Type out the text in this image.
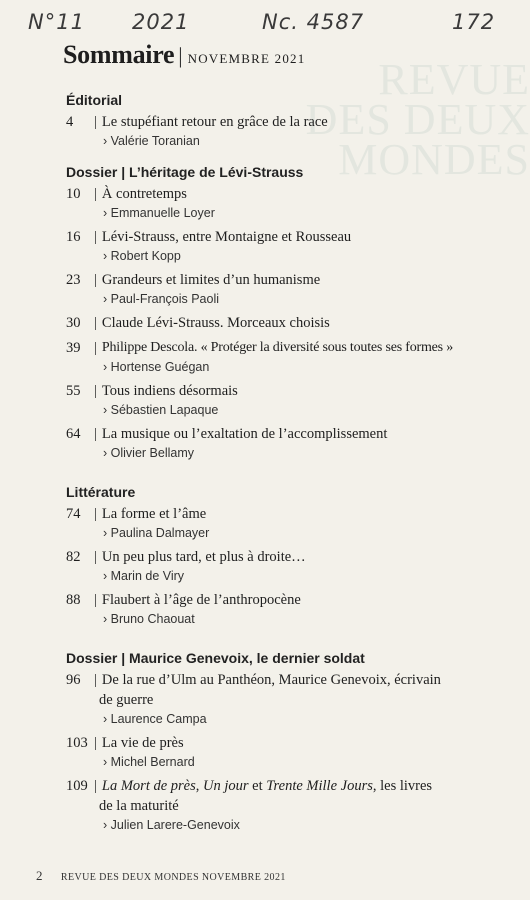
REVUE
DES DEUX
MONDES
N°11 2021	Nc. 4587	172
Sommaire | NOVEMBRE 2021
Éditorial
4	| Le stupéfiant retour en grâce de la race
› Valérie Toranian
Dossier | L’héritage de Lévi-Strauss
10 | À contretemps
› Emmanuelle Loyer
16 | Lévi-Strauss, entre Montaigne et Rousseau
› Robert Kopp
23 | Grandeurs et limites d’un humanisme
› Paul-François Paoli
30 | Claude Lévi-Strauss. Morceaux choisis
39 | Philippe Descola. « Protéger la diversité sous toutes ses formes »
› Hortense Guégan
55 | Tous indiens désormais
› Sébastien Lapaque
64 | La musique ou l’exaltation de l’accomplissement
› Olivier Bellamy
Littérature
74 | La forme et l’âme
› Paulina Dalmayer
82 | Un peu plus tard, et plus à droite…
› Marin de Viry
88 | Flaubert à l’âge de l’anthropocène
› Bruno Chaouat
Dossier | Maurice Genevoix, le dernier soldat
96 | De la rue d’Ulm au Panthéon, Maurice Genevoix, écrivain
de guerre
› Laurence Campa
103 | La vie de près
› Michel Bernard
109 | La Mort de près, Un jour et Trente Mille Jours, les livres
de la maturité
› Julien Larere-Genevoix
2 REVUE DES DEUX MONDES NOVEMBRE 2021
